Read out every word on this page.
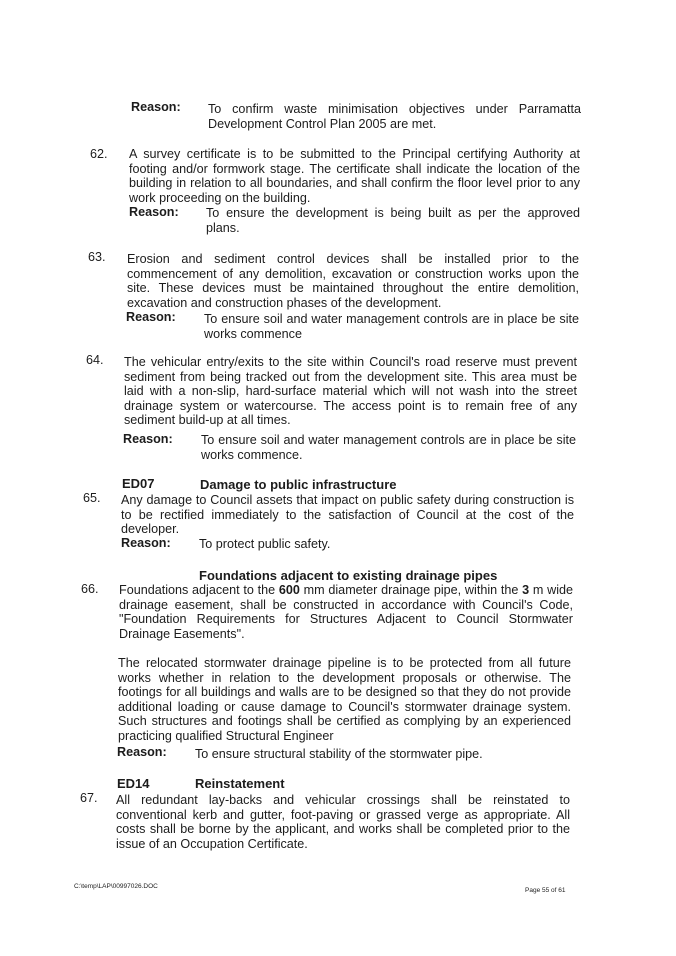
Reason: To confirm waste minimisation objectives under Parramatta Development Control Plan 2005 are met.
62. A survey certificate is to be submitted to the Principal certifying Authority at footing and/or formwork stage. The certificate shall indicate the location of the building in relation to all boundaries, and shall confirm the floor level prior to any work proceeding on the building.
Reason: To ensure the development is being built as per the approved plans.
63. Erosion and sediment control devices shall be installed prior to the commencement of any demolition, excavation or construction works upon the site. These devices must be maintained throughout the entire demolition, excavation and construction phases of the development.
Reason: To ensure soil and water management controls are in place be site works commence
64. The vehicular entry/exits to the site within Council's road reserve must prevent sediment from being tracked out from the development site. This area must be laid with a non-slip, hard-surface material which will not wash into the street drainage system or watercourse. The access point is to remain free of any sediment build-up at all times.
Reason: To ensure soil and water management controls are in place be site works commence.
ED07	Damage to public infrastructure
65. Any damage to Council assets that impact on public safety during construction is to be rectified immediately to the satisfaction of Council at the cost of the developer.
Reason: To protect public safety.
Foundations adjacent to existing drainage pipes
66. Foundations adjacent to the 600 mm diameter drainage pipe, within the 3 m wide drainage easement, shall be constructed in accordance with Council's Code, "Foundation Requirements for Structures Adjacent to Council Stormwater Drainage Easements".
The relocated stormwater drainage pipeline is to be protected from all future works whether in relation to the development proposals or otherwise. The footings for all buildings and walls are to be designed so that they do not provide additional loading or cause damage to Council's stormwater drainage system. Such structures and footings shall be certified as complying by an experienced practicing qualified Structural Engineer
Reason: To ensure structural stability of the stormwater pipe.
ED14	Reinstatement
67. All redundant lay-backs and vehicular crossings shall be reinstated to conventional kerb and gutter, foot-paving or grassed verge as appropriate. All costs shall be borne by the applicant, and works shall be completed prior to the issue of an Occupation Certificate.
C:\temp\LAP\00997026.DOC
Page 55 of 61
